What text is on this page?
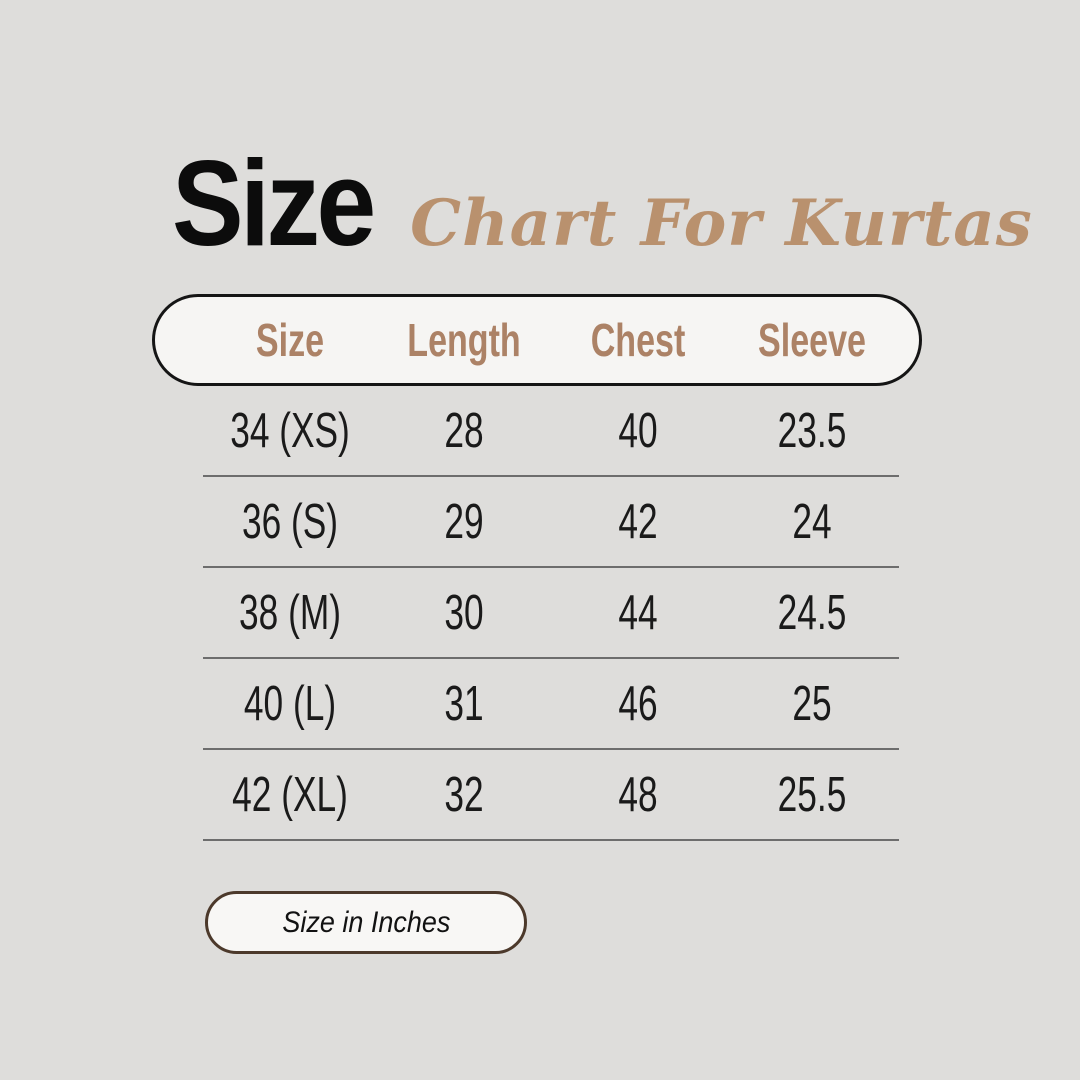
Size Chart For Kurtas
Size	Length	Chest	Sleeve
34 (XS)	28	40	23.5
36 (S)	29	42	24
38 (M)	30	44	24.5
40 (L)	31	46	25
42 (XL)	32	48	25.5
Size in Inches
